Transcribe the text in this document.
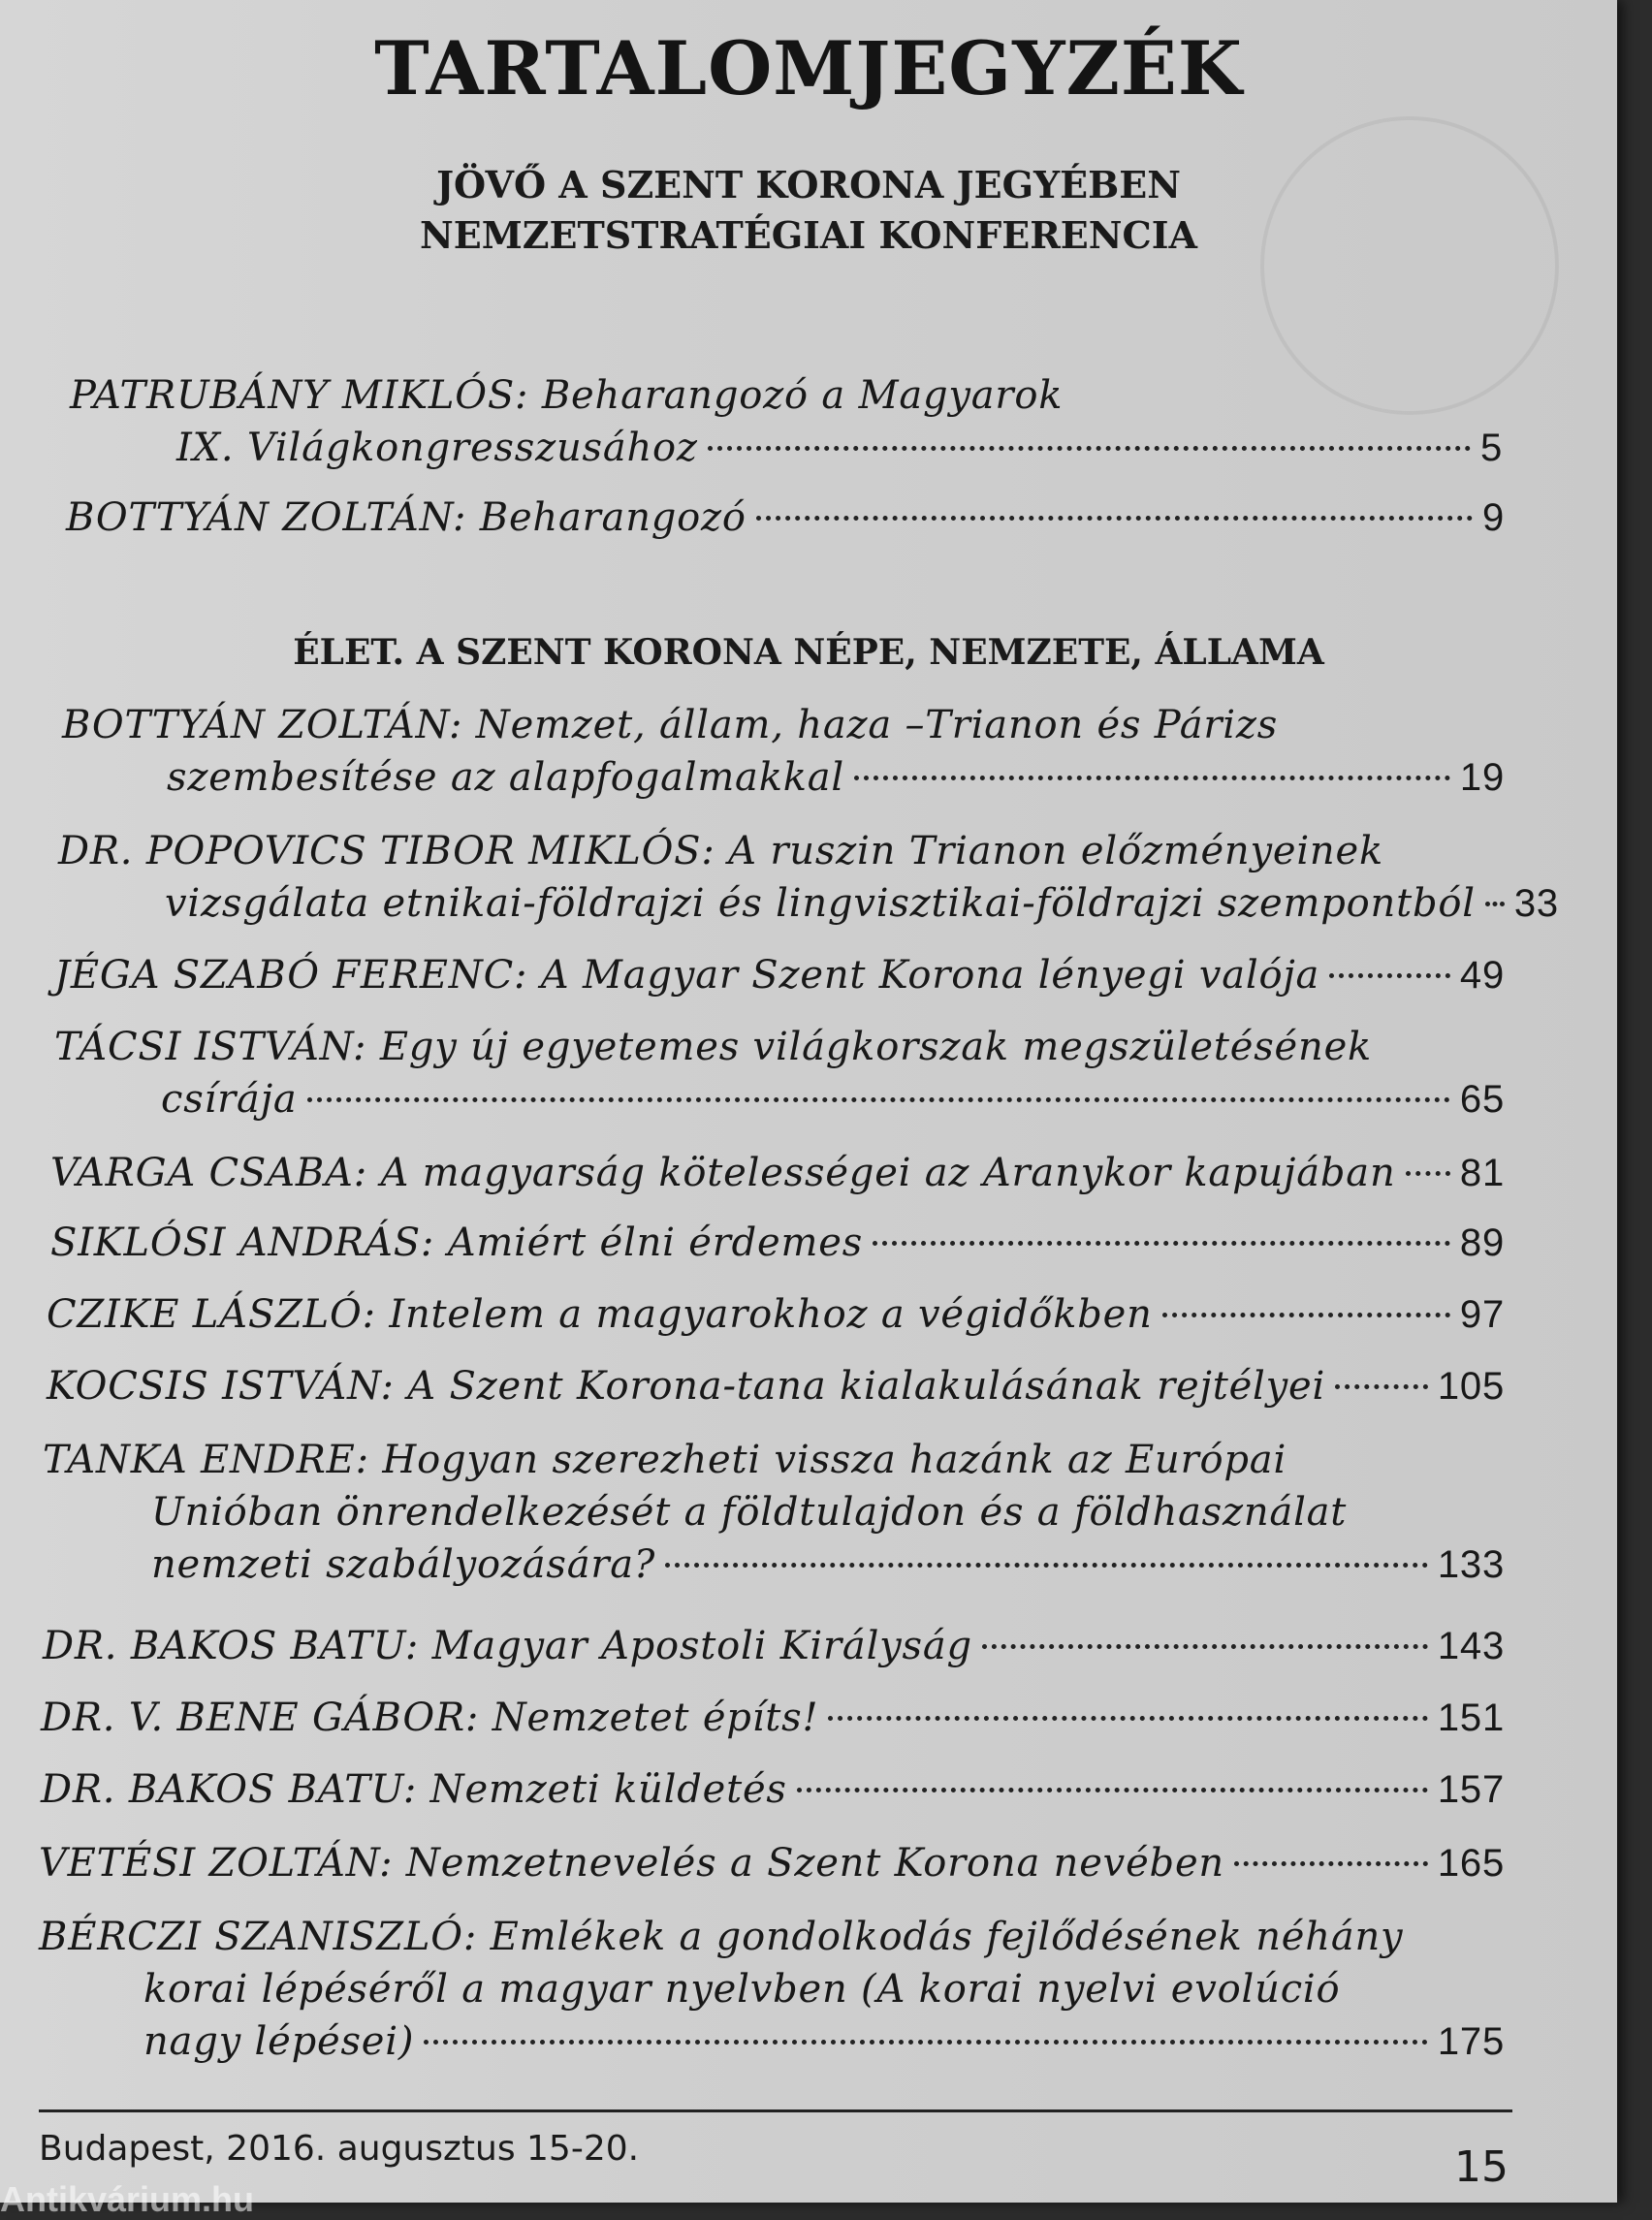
TARTALOMJEGYZÉK
JÖVŐ A SZENT KORONA JEGYÉBEN
NEMZETSTRATÉGIAI KONFERENCIA
PATRUBÁNY MIKLÓS: Beharangozó a Magyarok
IX. Világkongresszusához	5
BOTTYÁN ZOLTÁN: Beharangozó	9
ÉLET. A SZENT KORONA NÉPE, NEMZETE, ÁLLAMA
BOTTYÁN ZOLTÁN: Nemzet, állam, haza –Trianon és Párizs
szembesítése az alapfogalmakkal	19
DR. POPOVICS TIBOR MIKLÓS: A ruszin Trianon előzményeinek
vizsgálata etnikai-földrajzi és lingvisztikai-földrajzi szempontból 33
JÉGA SZABÓ FERENC: A Magyar Szent Korona lényegi valója	49
TÁCSI ISTVÁN: Egy új egyetemes világkorszak megszületésének
csírája	65
VARGA CSABA: A magyarság kötelességei az Aranykor kapujában 81
SIKLÓSI ANDRÁS: Amiért élni érdemes	89
CZIKE LÁSZLÓ: Intelem a magyarokhoz a végidőkben	97
KOCSIS ISTVÁN: A Szent Korona-tana kialakulásának rejtélyei	105
TANKA ENDRE: Hogyan szerezheti vissza hazánk az Európai
Unióban önrendelkezését a földtulajdon és a földhasználat
nemzeti szabályozására?	133
DR. BAKOS BATU: Magyar Apostoli Királyság	143
DR. V. BENE GÁBOR: Nemzetet építs!	151
DR. BAKOS BATU: Nemzeti küldetés	157
VETÉSI ZOLTÁN: Nemzetnevelés a Szent Korona nevében	165
BÉRCZI SZANISZLÓ: Emlékek a gondolkodás fejlődésének néhány
korai lépéséről a magyar nyelvben (A korai nyelvi evolúció
nagy lépései)	175
Budapest, 2016. augusztus 15-20.	15
Antikvárium.hu
